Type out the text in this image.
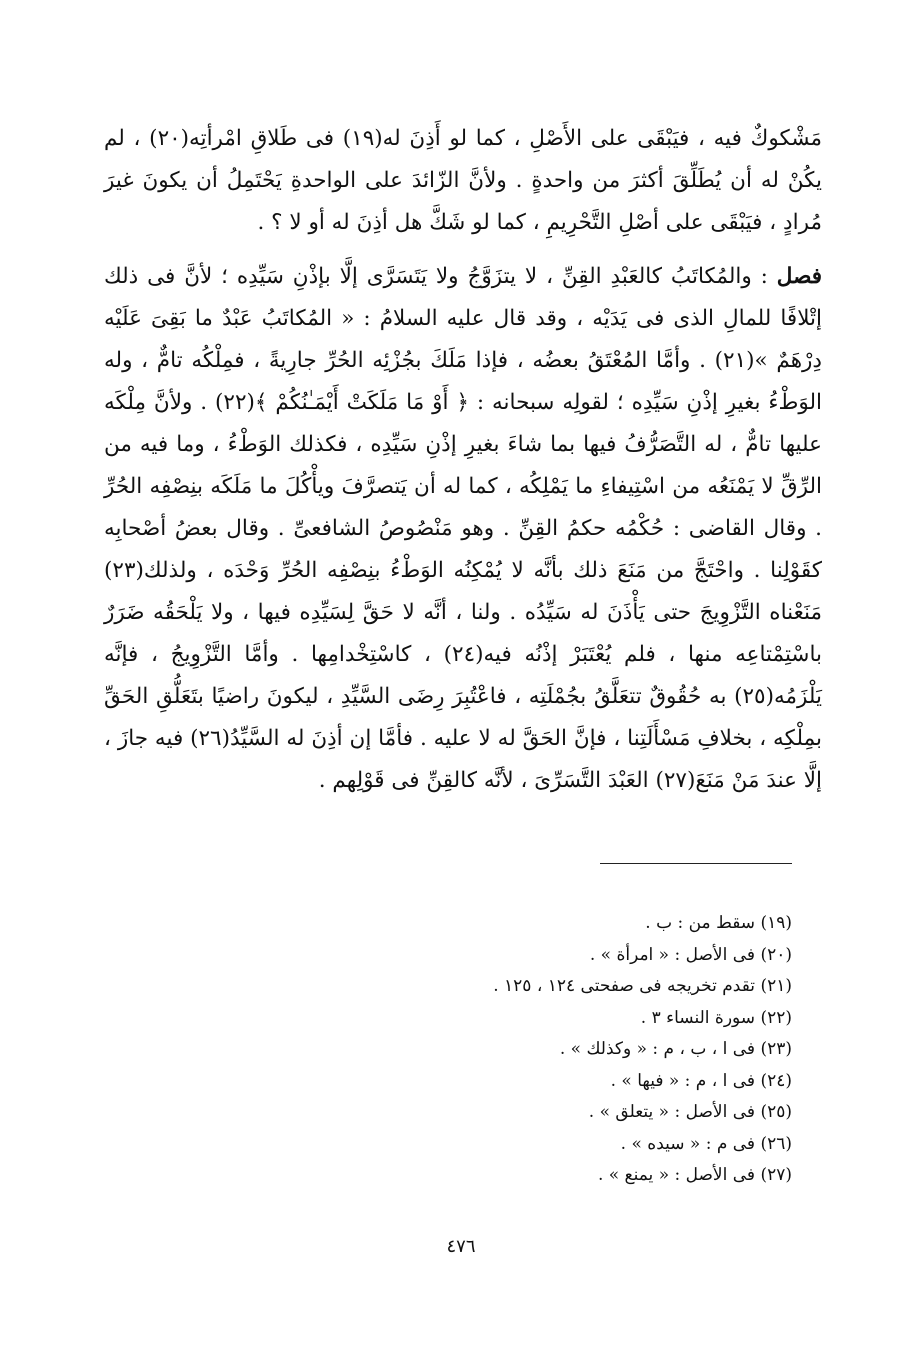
مَشْكوكٌ فيه ، فيَبْقَى على الأَصْلِ ، كما لو أَذِنَ له(١٩) فى طَلاقِ امْرأتِه(٢٠) ، لم يكُنْ له أن يُطَلِّقَ أكثرَ من واحدةٍ . ولأنَّ الزّائدَ على الواحدةِ يَحْتَمِلُ أن يكونَ غيرَ مُرادٍ ، فيَبْقَى على أصْلِ التَّحْرِيمِ ، كما لو شَكَّ هل أذِنَ له أو لا ؟ .

فصل : والمُكاتَبُ كالعَبْدِ القِنِّ ، لا يتزَوَّجُ ولا يَتَسَرَّى إلَّا بإذْنِ سَيِّدِه ؛ لأنَّ فى ذلك إتْلافًا للمالِ الذى فى يَدَيْه ، وقد قال عليه السلامُ : « المُكاتَبُ عَبْدٌ ما بَقِىَ عَلَيْه دِرْهَمٌ »(٢١) . وأمَّا المُعْتَقُ بعضُه ، فإذا مَلَكَ بجُزْئِه الحُرِّ جارِيةً ، فمِلْكُه تامٌّ ، وله الوَطْءُ بغيرِ إذْنِ سَيِّدِه ؛ لقولِه سبحانه : ﴿ أَوْ مَا مَلَكَتْ أَيْمَـٰنُكُمْ ﴾(٢٢) . ولأنَّ مِلْكَه عليها تامٌّ ، له التَّصَرُّفُ فيها بما شاءَ بغيرِ إذْنِ سَيِّدِه ، فكذلك الوَطْءُ ، وما فيه من الرِّقِّ لا يَمْنَعُه من اسْتِيفاءِ ما يَمْلِكُه ، كما له أن يَتصرَّفَ ويأْكُلَ ما مَلَكَه بنِصْفِه الحُرِّ . وقال القاضى : حُكْمُه حكمُ القِنِّ . وهو مَنْصُوصُ الشافعىِّ . وقال بعضُ أصْحابِه كقَوْلِنا . واحْتَجَّ من مَنَعَ ذلك بأنَّه لا يُمْكِنُه الوَطْءُ بنِصْفِه الحُرِّ وَحْدَه ، ولذلك(٢٣) مَنَعْناه التَّزْوِيجَ حتى يَأْذَنَ له سَيِّدُه . ولنا ، أنَّه لا حَقَّ لِسَيِّدِه فيها ، ولا يَلْحَقُه ضَرَرٌ باسْتِمْتاعِه منها ، فلم يُعْتَبَرْ إذْنُه فيه(٢٤) ، كاسْتِخْدامِها . وأمَّا التَّزْوِيجُ ، فإنَّه يَلْزَمُه(٢٥) به حُقُوقٌ تتعَلَّقُ بجُمْلَتِه ، فاعْتُبِرَ رِضَى السَّيِّدِ ، ليكونَ راضيًا بتَعَلُّقِ الحَقِّ بمِلْكِه ، بخلافِ مَسْأَلَتِنا ، فإنَّ الحَقَّ له لا عليه . فأمَّا إن أذِنَ له السَّيِّدُ(٢٦) فيه جازَ ، إلَّا عندَ مَنْ مَنَعَ(٢٧) العَبْدَ التَّسَرِّىَ ، لأنَّه كالقِنِّ فى قَوْلِهم .

(١٩) سقط من : ب .
(٢٠) فى الأصل : « امرأة » .
(٢١) تقدم تخريجه فى صفحتى ١٢٤ ، ١٢٥ .
(٢٢) سورة النساء ٣ .
(٢٣) فى ا ، ب ، م : « وكذلك » .
(٢٤) فى ا ، م : « فيها » .
(٢٥) فى الأصل : « يتعلق » .
(٢٦) فى م : « سيده » .
(٢٧) فى الأصل : « يمنع » .
٤٧٦
